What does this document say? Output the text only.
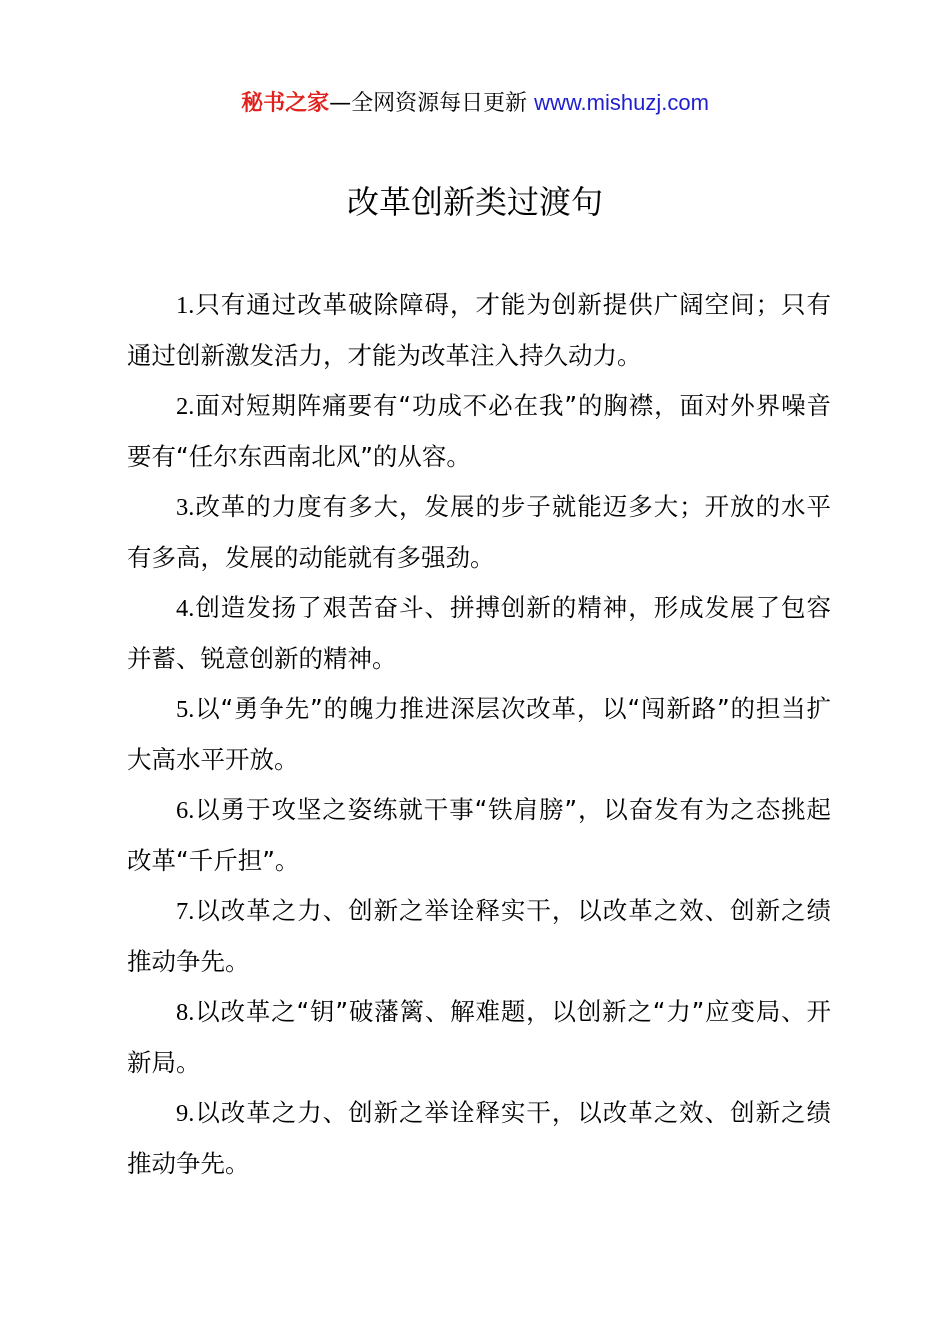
秘书之家—全网资源每日更新 www.mishuzj.com
改革创新类过渡句
1.只有通过改革破除障碍，才能为创新提供广阔空间；只有通过创新激发活力，才能为改革注入持久动力。
2.面对短期阵痛要有“功成不必在我”的胸襟，面对外界噪音要有“任尔东西南北风”的从容。
3.改革的力度有多大，发展的步子就能迈多大；开放的水平有多高，发展的动能就有多强劲。
4.创造发扬了艰苦奋斗、拼搏创新的精神，形成发展了包容并蓄、锐意创新的精神。
5.以“勇争先”的魄力推进深层次改革，以“闯新路”的担当扩大高水平开放。
6.以勇于攻坚之姿练就干事“铁肩膀”，以奋发有为之态挑起改革“千斤担”。
7.以改革之力、创新之举诠释实干，以改革之效、创新之绩推动争先。
8.以改革之“钥”破藩篱、解难题，以创新之“力”应变局、开新局。
9.以改革之力、创新之举诠释实干，以改革之效、创新之绩推动争先。
